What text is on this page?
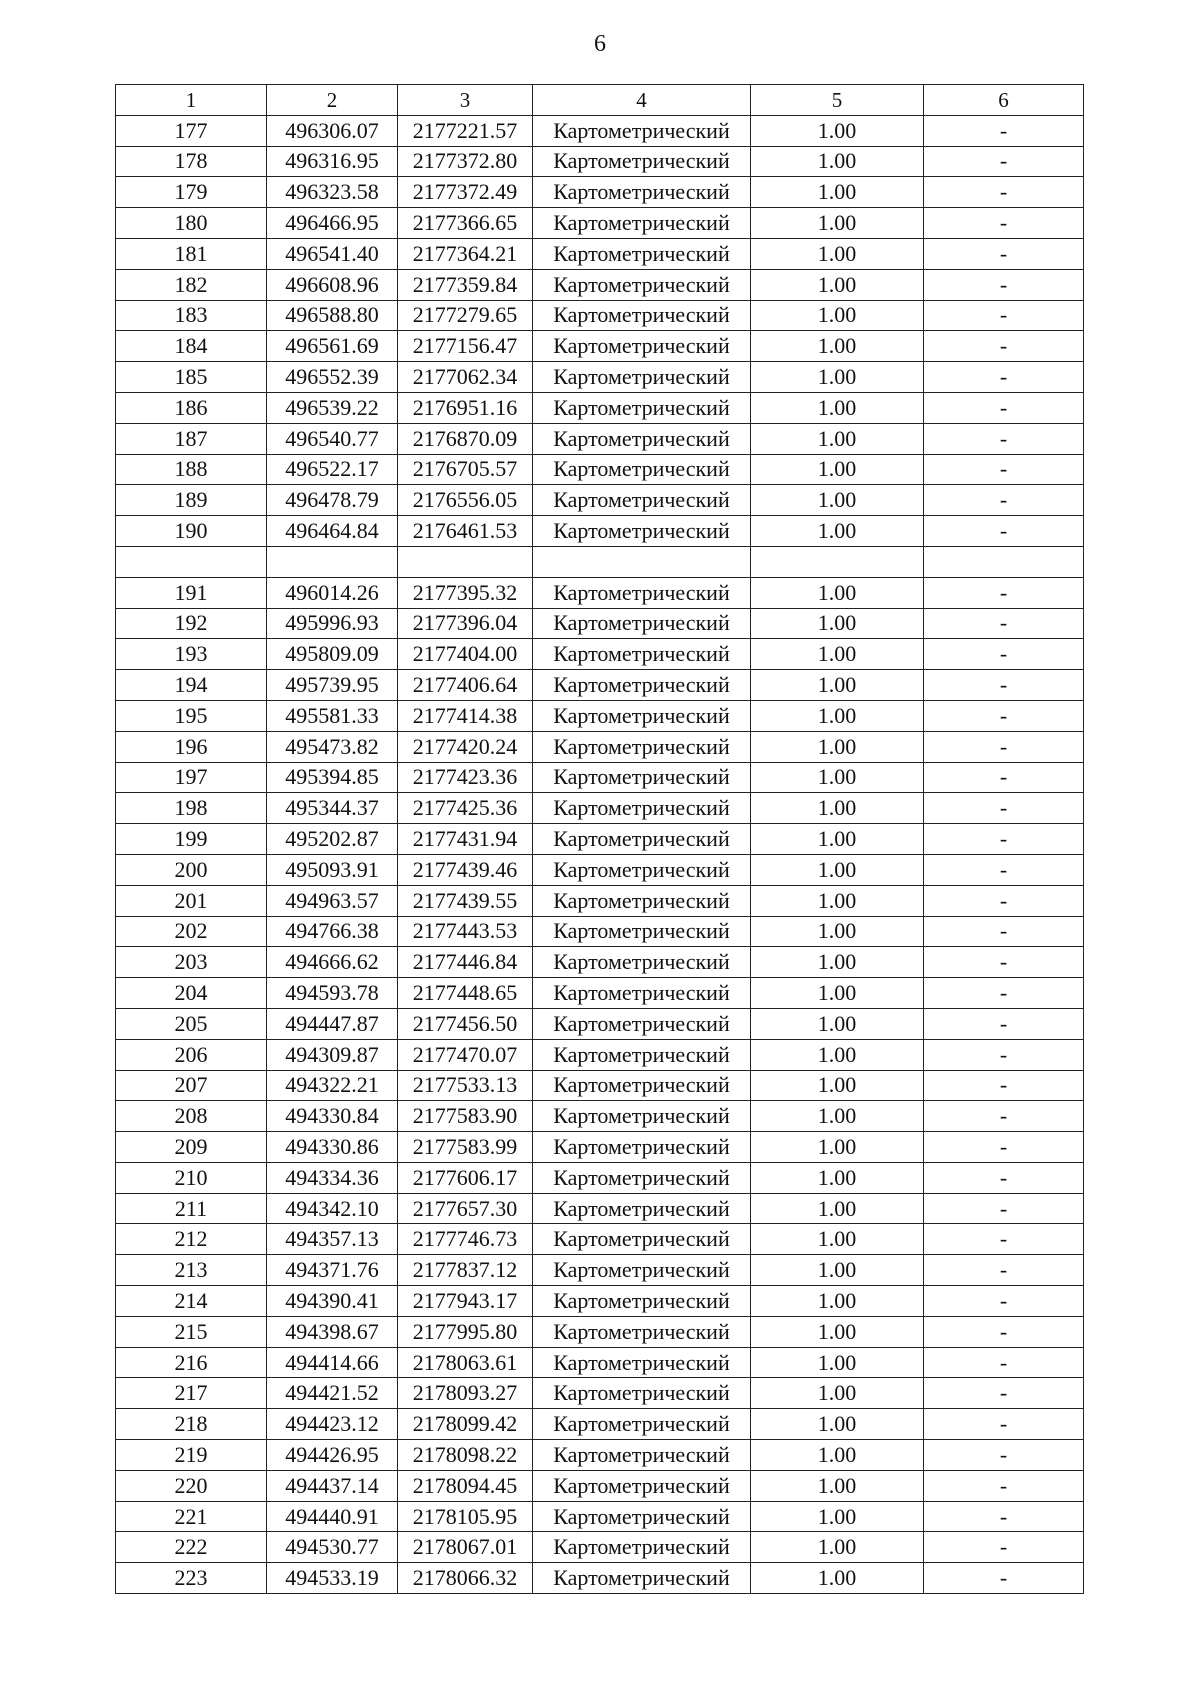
6
1	2	3	4	5	6
177	496306.07	2177221.57	Картометрический	1.00	-
178	496316.95	2177372.80	Картометрический	1.00	-
179	496323.58	2177372.49	Картометрический	1.00	-
180	496466.95	2177366.65	Картометрический	1.00	-
181	496541.40	2177364.21	Картометрический	1.00	-
182	496608.96	2177359.84	Картометрический	1.00	-
183	496588.80	2177279.65	Картометрический	1.00	-
184	496561.69	2177156.47	Картометрический	1.00	-
185	496552.39	2177062.34	Картометрический	1.00	-
186	496539.22	2176951.16	Картометрический	1.00	-
187	496540.77	2176870.09	Картометрический	1.00	-
188	496522.17	2176705.57	Картометрический	1.00	-
189	496478.79	2176556.05	Картометрический	1.00	-
190	496464.84	2176461.53	Картометрический	1.00	-

191	496014.26	2177395.32	Картометрический	1.00	-
192	495996.93	2177396.04	Картометрический	1.00	-
193	495809.09	2177404.00	Картометрический	1.00	-
194	495739.95	2177406.64	Картометрический	1.00	-
195	495581.33	2177414.38	Картометрический	1.00	-
196	495473.82	2177420.24	Картометрический	1.00	-
197	495394.85	2177423.36	Картометрический	1.00	-
198	495344.37	2177425.36	Картометрический	1.00	-
199	495202.87	2177431.94	Картометрический	1.00	-
200	495093.91	2177439.46	Картометрический	1.00	-
201	494963.57	2177439.55	Картометрический	1.00	-
202	494766.38	2177443.53	Картометрический	1.00	-
203	494666.62	2177446.84	Картометрический	1.00	-
204	494593.78	2177448.65	Картометрический	1.00	-
205	494447.87	2177456.50	Картометрический	1.00	-
206	494309.87	2177470.07	Картометрический	1.00	-
207	494322.21	2177533.13	Картометрический	1.00	-
208	494330.84	2177583.90	Картометрический	1.00	-
209	494330.86	2177583.99	Картометрический	1.00	-
210	494334.36	2177606.17	Картометрический	1.00	-
211	494342.10	2177657.30	Картометрический	1.00	-
212	494357.13	2177746.73	Картометрический	1.00	-
213	494371.76	2177837.12	Картометрический	1.00	-
214	494390.41	2177943.17	Картометрический	1.00	-
215	494398.67	2177995.80	Картометрический	1.00	-
216	494414.66	2178063.61	Картометрический	1.00	-
217	494421.52	2178093.27	Картометрический	1.00	-
218	494423.12	2178099.42	Картометрический	1.00	-
219	494426.95	2178098.22	Картометрический	1.00	-
220	494437.14	2178094.45	Картометрический	1.00	-
221	494440.91	2178105.95	Картометрический	1.00	-
222	494530.77	2178067.01	Картометрический	1.00	-
223	494533.19	2178066.32	Картометрический	1.00	-
